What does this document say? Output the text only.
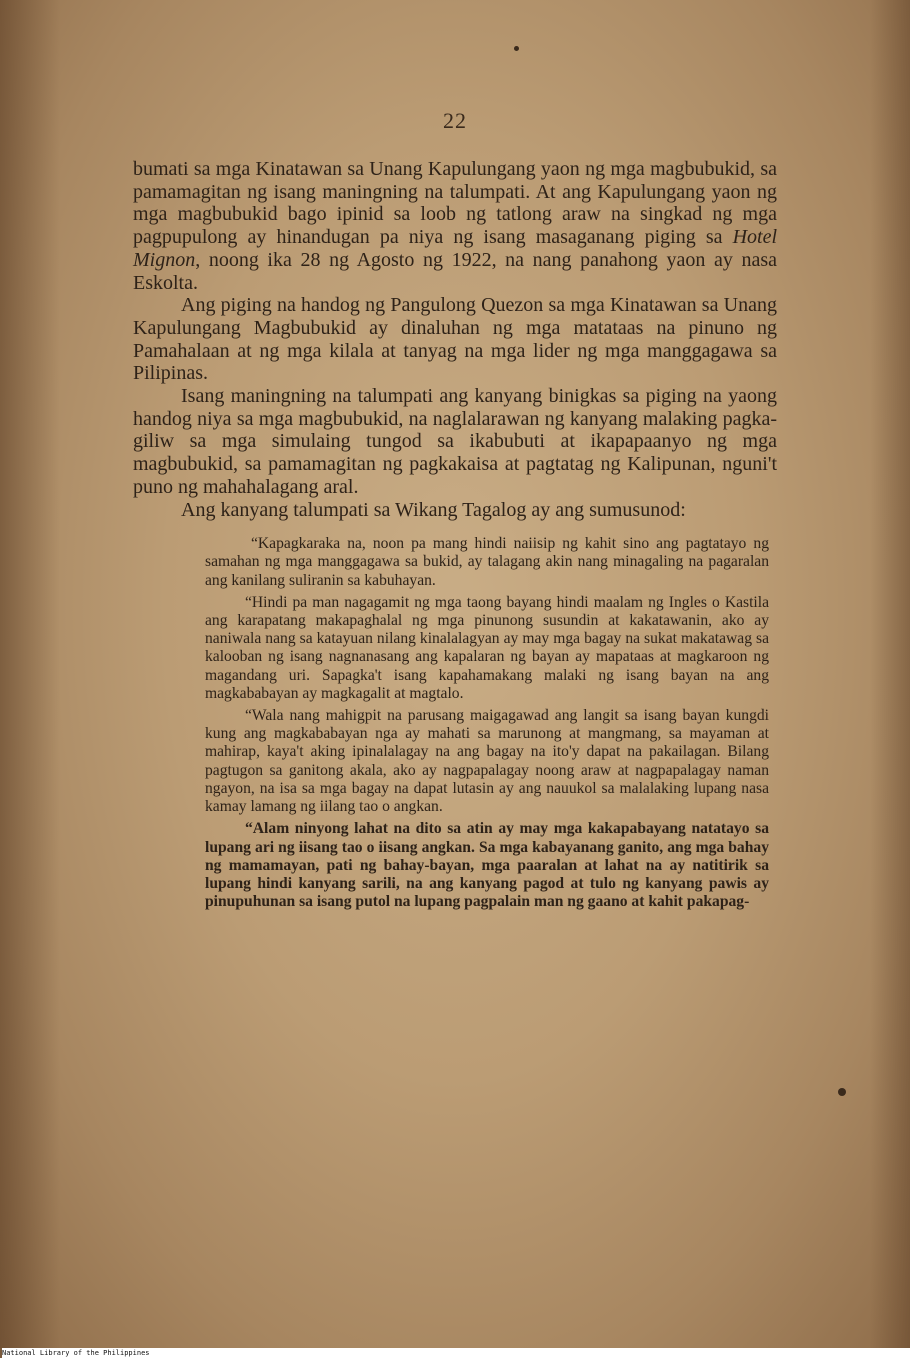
22

bumati sa mga Kinatawan sa Unang Kapulungang yaon ng mga magbubukid, sa pamamagitan ng isang maningning na talumpati. At ang Kapulungang yaon ng mga magbubukid bago ipinid sa loob ng tatlong araw na singkad ng mga pagpupulong ay hinandugan pa niya ng isang masaganang piging sa Hotel Mignon, noong ika 28 ng Agosto ng 1922, na nang panahong yaon ay nasa Eskolta.

Ang piging na handog ng Pangulong Quezon sa mga Kinatawan sa Unang Kapulungang Magbubukid ay dinaluhan ng mga matataas na pinuno ng Pamahalaan at ng mga kilala at tanyag na mga lider ng mga manggagawa sa Pilipinas.

Isang maningning na talumpati ang kanyang binigkas sa piging na yaong handog niya sa mga magbubukid, na naglalarawan ng kanyang malaking pagka-giliw sa mga simulaing tungod sa ikabubuti at ikapapaanyo ng mga magbubukid, sa pamamagitan ng pagkakaisa at pagtatag ng Kalipunan, nguni't puno ng mahahalagang aral.

Ang kanyang talumpati sa Wikang Tagalog ay ang sumusunod:

“Kapagkaraka na, noon pa mang hindi naiisip ng kahit sino ang pagtatayo ng samahan ng mga manggagawa sa bukid, ay talagang akin nang minagaling na pagaralan ang kanilang suliranin sa kabuhayan.

“Hindi pa man nagagamit ng mga taong bayang hindi maalam ng Ingles o Kastila ang karapatang makapaghalal ng mga pinunong susundin at kakatawanin, ako ay naniwala nang sa katayuan nilang kinalalagyan ay may mga bagay na sukat makatawag sa kalooban ng isang nagnanasang ang kapalaran ng bayan ay mapataas at magkaroon ng magandang uri. Sapagka't isang kapahamakang malaki ng isang bayan na ang magkababayan ay magkagalit at magtalo.

“Wala nang mahigpit na parusang maigagawad ang langit sa isang bayan kungdi kung ang magkababayan nga ay mahati sa marunong at mangmang, sa mayaman at mahirap, kaya't aking ipinalalagay na ang bagay na ito'y dapat na pakailagan. Bilang pagtugon sa ganitong akala, ako ay nagpapalagay noong araw at nagpapalagay naman ngayon, na isa sa mga bagay na dapat lutasin ay ang nauukol sa malalaking lupang nasa kamay lamang ng iilang tao o angkan.

“Alam ninyong lahat na dito sa atin ay may mga kakapabayang natatayo sa lupang ari ng iisang tao o iisang angkan. Sa mga kabayanang ganito, ang mga bahay ng mamamayan, pati ng bahay-bayan, mga paaralan at lahat na ay natitirik sa lupang hindi kanyang sarili, na ang kanyang pagod at tulo ng kanyang pawis ay pinupuhunan sa isang putol na lupang pagpalain man ng gaano at kahit pakapag-

National Library of the Philippines
